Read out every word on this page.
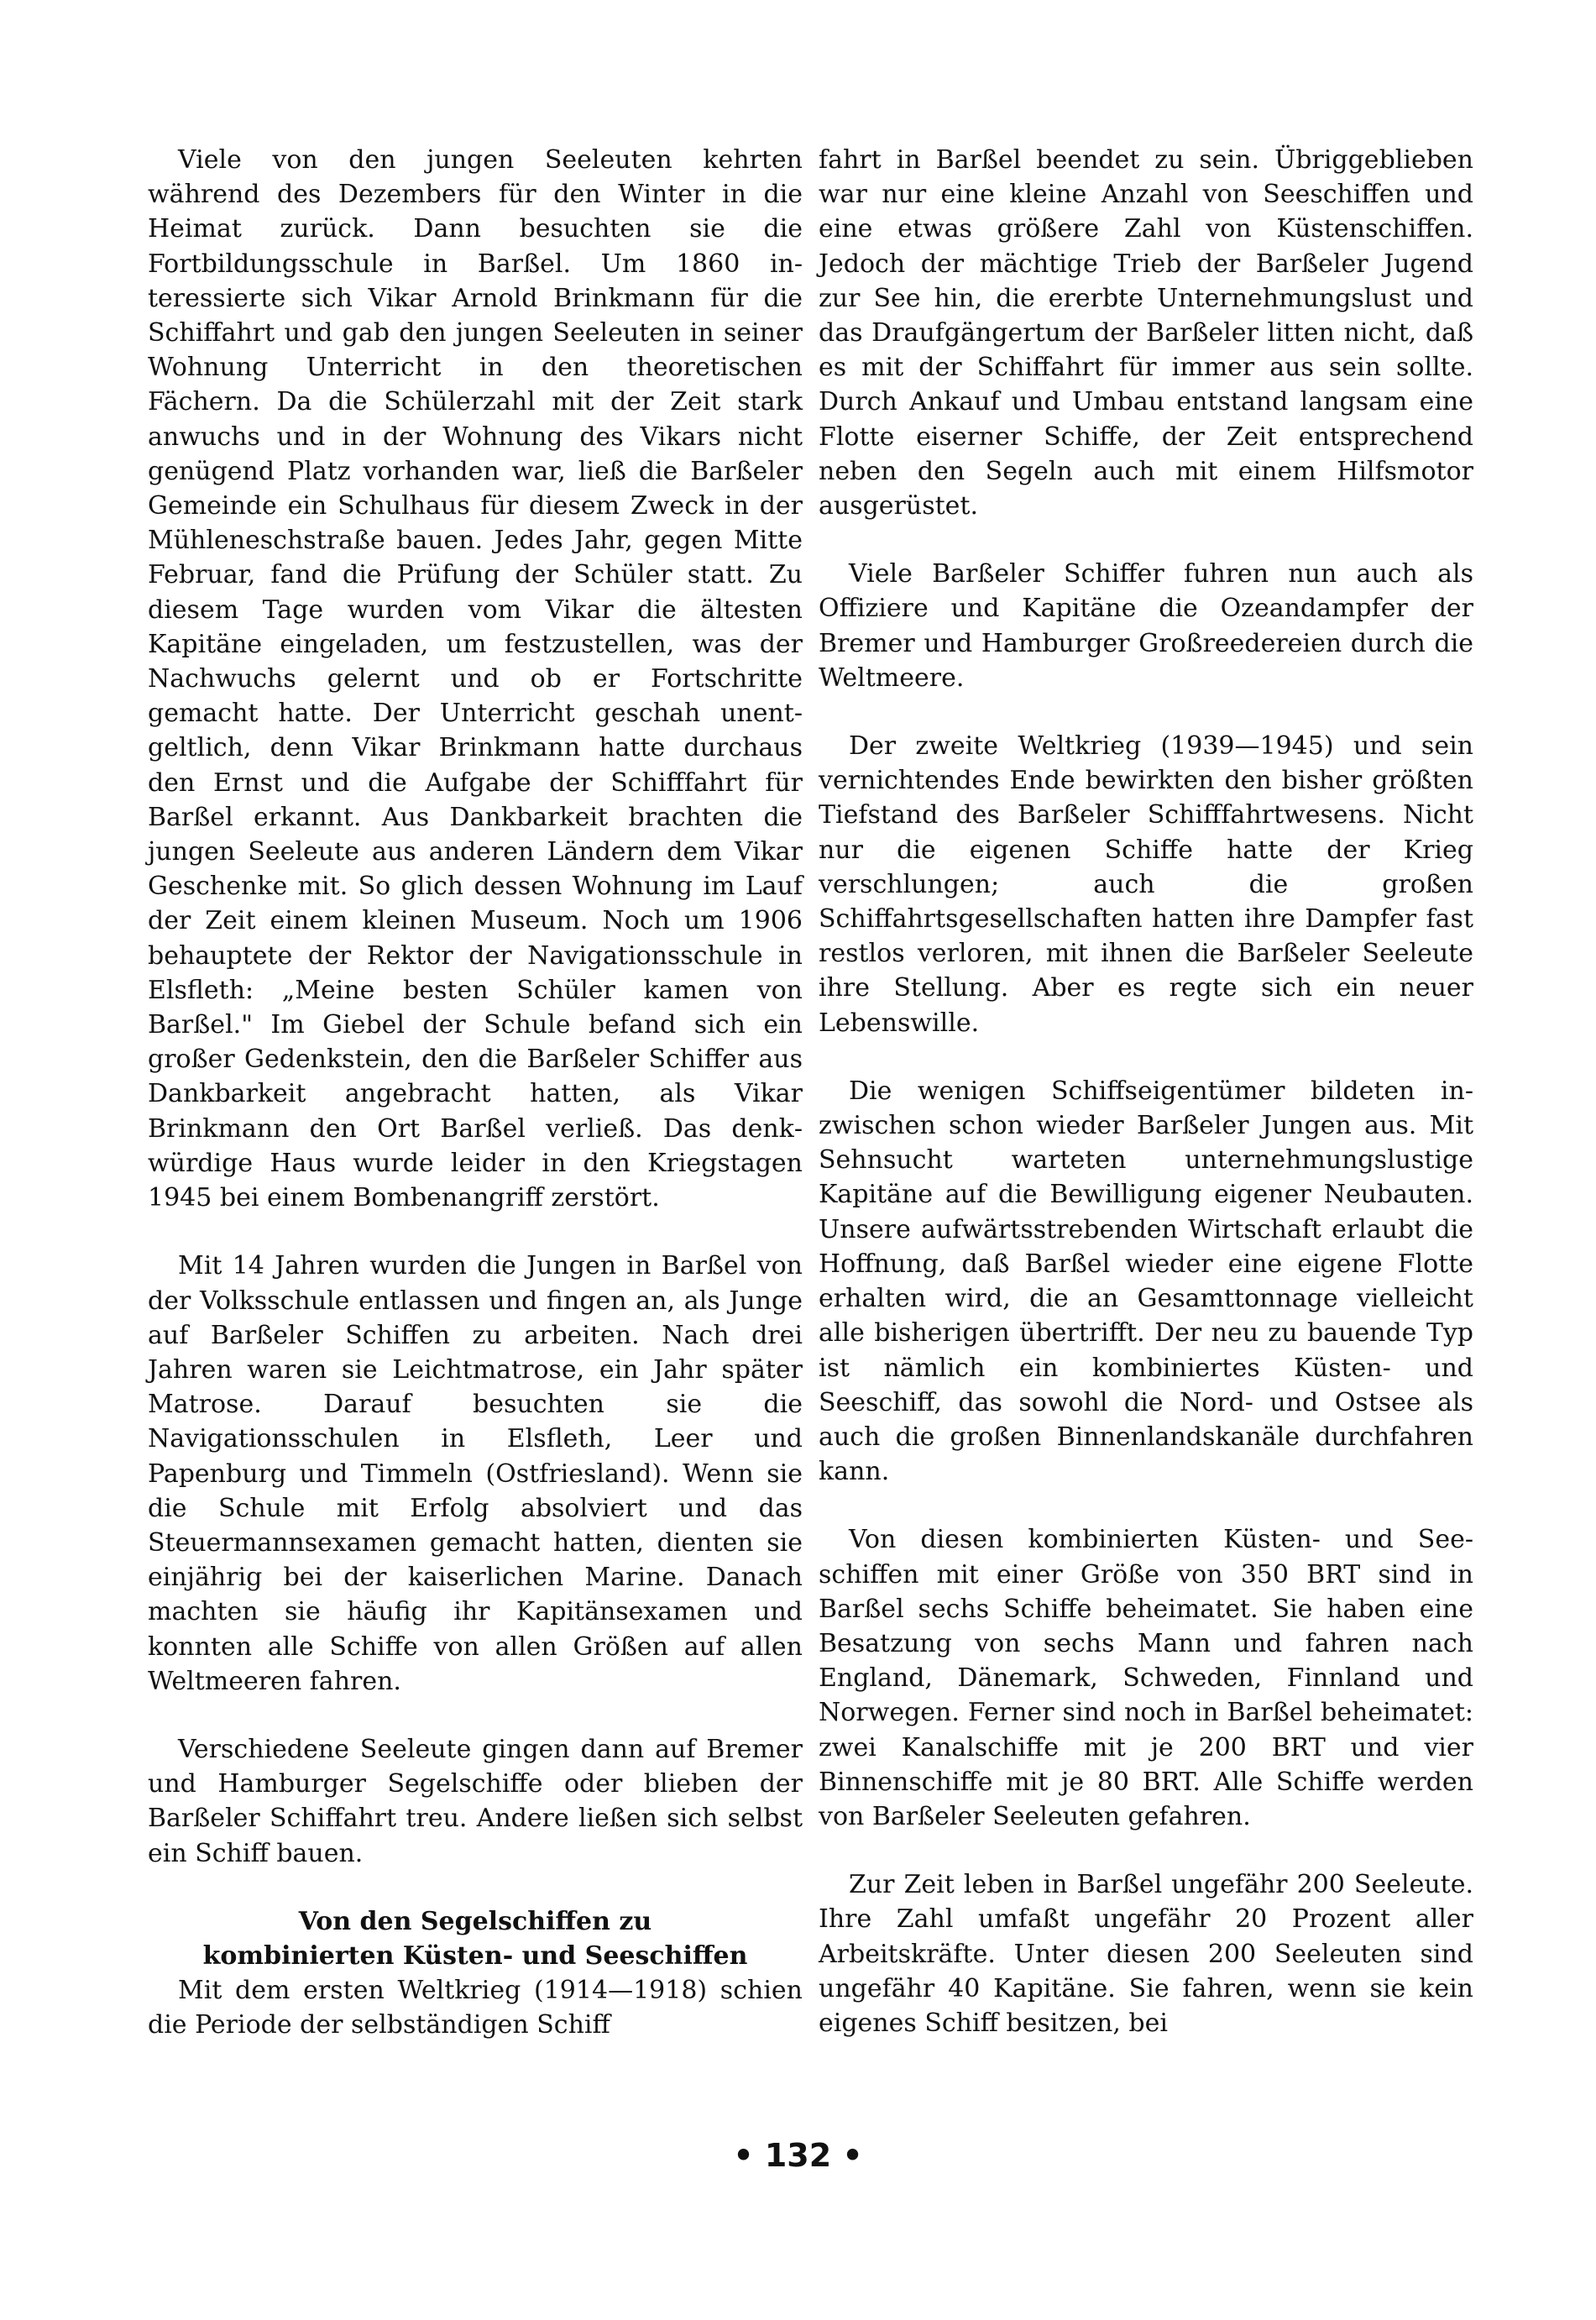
Viele von den jungen Seeleuten kehrten während des Dezembers für den Winter in die Heimat zurück. Dann besuchten sie die Fortbildungsschule in Barßel. Um 1860 interessierte sich Vikar Arnold Brinkmann für die Schiffahrt und gab den jungen Seeleuten in seiner Wohnung Unterricht in den theoretischen Fächern. Da die Schülerzahl mit der Zeit stark anwuchs und in der Wohnung des Vikars nicht genügend Platz vorhanden war, ließ die Barßeler Gemeinde ein Schulhaus für diesem Zweck in der Mühleneschstraße bauen. Jedes Jahr, gegen Mitte Februar, fand die Prüfung der Schüler statt. Zu diesem Tage wurden vom Vikar die ältesten Kapitäne eingeladen, um festzustellen, was der Nachwuchs gelernt und ob er Fortschritte gemacht hatte. Der Unterricht geschah unentgeltlich, denn Vikar Brinkmann hatte durchaus den Ernst und die Aufgabe der Schifffahrt für Barßel erkannt. Aus Dankbarkeit brachten die jungen Seeleute aus anderen Ländern dem Vikar Geschenke mit. So glich dessen Wohnung im Lauf der Zeit einem kleinen Museum. Noch um 1906 behauptete der Rektor der Navigationsschule in Elsfleth: „Meine besten Schüler kamen von Barßel." Im Giebel der Schule befand sich ein großer Gedenkstein, den die Barßeler Schiffer aus Dankbarkeit angebracht hatten, als Vikar Brinkmann den Ort Barßel verließ. Das denkwürdige Haus wurde leider in den Kriegstagen 1945 bei einem Bombenangriff zerstört.

Mit 14 Jahren wurden die Jungen in Barßel von der Volksschule entlassen und fingen an, als Junge auf Barßeler Schiffen zu arbeiten. Nach drei Jahren waren sie Leichtmatrose, ein Jahr später Matrose. Darauf besuchten sie die Navigationsschulen in Elsfleth, Leer und Papenburg und Timmeln (Ostfriesland). Wenn sie die Schule mit Erfolg absolviert und das Steuermannsexamen gemacht hatten, dienten sie einjährig bei der kaiserlichen Marine. Danach machten sie häufig ihr Kapitänsexamen und konnten alle Schiffe von allen Größen auf allen Weltmeeren fahren.

Verschiedene Seeleute gingen dann auf Bremer und Hamburger Segelschiffe oder blieben der Barßeler Schiffahrt treu. Andere ließen sich selbst ein Schiff bauen.

Von den Segelschiffen zu
kombinierten Küsten- und Seeschiffen

Mit dem ersten Weltkrieg (1914—1918) schien die Periode der selbständigen Schiff

fahrt in Barßel beendet zu sein. Übriggeblieben war nur eine kleine Anzahl von Seeschiffen und eine etwas größere Zahl von Küstenschiffen. Jedoch der mächtige Trieb der Barßeler Jugend zur See hin, die ererbte Unternehmungslust und das Draufgängertum der Barßeler litten nicht, daß es mit der Schiffahrt für immer aus sein sollte. Durch Ankauf und Umbau entstand langsam eine Flotte eiserner Schiffe, der Zeit entsprechend neben den Segeln auch mit einem Hilfsmotor ausgerüstet.

Viele Barßeler Schiffer fuhren nun auch als Offiziere und Kapitäne die Ozeandampfer der Bremer und Hamburger Großreedereien durch die Weltmeere.

Der zweite Weltkrieg (1939—1945) und sein vernichtendes Ende bewirkten den bisher größten Tiefstand des Barßeler Schifffahrtwesens. Nicht nur die eigenen Schiffe hatte der Krieg verschlungen; auch die großen Schiffahrtsgesellschaften hatten ihre Dampfer fast restlos verloren, mit ihnen die Barßeler Seeleute ihre Stellung. Aber es regte sich ein neuer Lebenswille.

Die wenigen Schiffseigentümer bildeten inzwischen schon wieder Barßeler Jungen aus. Mit Sehnsucht warteten unternehmungslustige Kapitäne auf die Bewilligung eigener Neubauten. Unsere aufwärtsstrebenden Wirtschaft erlaubt die Hoffnung, daß Barßel wieder eine eigene Flotte erhalten wird, die an Gesamttonnage vielleicht alle bisherigen übertrifft. Der neu zu bauende Typ ist nämlich ein kombiniertes Küsten- und Seeschiff, das sowohl die Nord- und Ostsee als auch die großen Binnenlandskanäle durchfahren kann.

Von diesen kombinierten Küsten- und Seeschiffen mit einer Größe von 350 BRT sind in Barßel sechs Schiffe beheimatet. Sie haben eine Besatzung von sechs Mann und fahren nach England, Dänemark, Schweden, Finnland und Norwegen. Ferner sind noch in Barßel beheimatet: zwei Kanalschiffe mit je 200 BRT und vier Binnenschiffe mit je 80 BRT. Alle Schiffe werden von Barßeler Seeleuten gefahren.

Zur Zeit leben in Barßel ungefähr 200 Seeleute. Ihre Zahl umfaßt ungefähr 20 Prozent aller Arbeitskräfte. Unter diesen 200 Seeleuten sind ungefähr 40 Kapitäne. Sie fahren, wenn sie kein eigenes Schiff besitzen, bei

• 132 •
